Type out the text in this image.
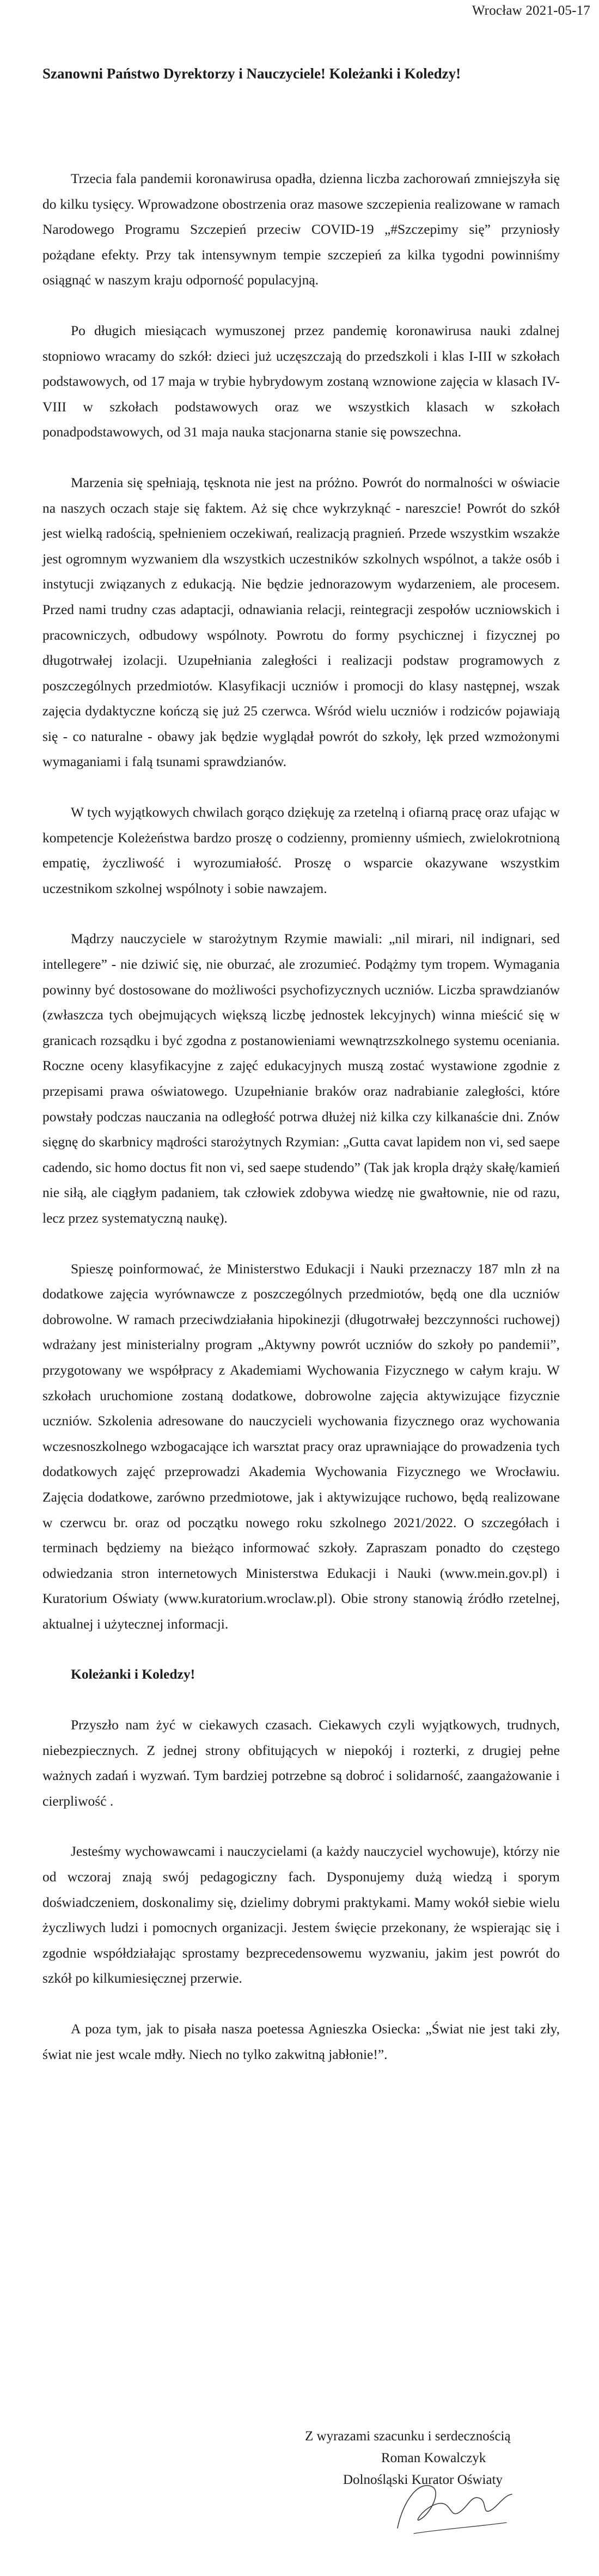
Wrocław 2021-05-17

Szanowni Państwo Dyrektorzy i Nauczyciele! Koleżanki i Koledzy!

Trzecia fala pandemii koronawirusa opadła, dzienna liczba zachorowań zmniejszyła się do kilku tysięcy. Wprowadzone obostrzenia oraz masowe szczepienia realizowane w ramach Narodowego Programu Szczepień przeciw COVID-19 „#Szczepimy się” przyniosły pożądane efekty. Przy tak intensywnym tempie szczepień za kilka tygodni powinniśmy osiągnąć w naszym kraju odporność populacyjną.

Po długich miesiącach wymuszonej przez pandemię koronawirusa nauki zdalnej stopniowo wracamy do szkół: dzieci już uczęszczają do przedszkoli i klas I-III w szkołach podstawowych, od 17 maja w trybie hybrydowym zostaną wznowione zajęcia w klasach IV-VIII w szkołach podstawowych oraz we wszystkich klasach w szkołach ponadpodstawowych, od 31 maja nauka stacjonarna stanie się powszechna.

Marzenia się spełniają, tęsknota nie jest na próżno. Powrót do normalności w oświacie na naszych oczach staje się faktem. Aż się chce wykrzyknąć - nareszcie! Powrót do szkół jest wielką radością, spełnieniem oczekiwań, realizacją pragnień. Przede wszystkim wszakże jest ogromnym wyzwaniem dla wszystkich uczestników szkolnych wspólnot, a także osób i instytucji związanych z edukacją. Nie będzie jednorazowym wydarzeniem, ale procesem. Przed nami trudny czas adaptacji, odnawiania relacji, reintegracji zespołów uczniowskich i pracowniczych, odbudowy wspólnoty. Powrotu do formy psychicznej i fizycznej po długotrwałej izolacji. Uzupełniania zaległości i realizacji podstaw programowych z poszczególnych przedmiotów. Klasyfikacji uczniów i promocji do klasy następnej, wszak zajęcia dydaktyczne kończą się już 25 czerwca. Wśród wielu uczniów i rodziców pojawiają się - co naturalne - obawy jak będzie wyglądał powrót do szkoły, lęk przed wzmożonymi wymaganiami i falą tsunami sprawdzianów.

W tych wyjątkowych chwilach gorąco dziękuję za rzetelną i ofiarną pracę oraz ufając w kompetencje Koleżeństwa bardzo proszę o codzienny, promienny uśmiech, zwielokrotnioną empatię, życzliwość i wyrozumiałość. Proszę o wsparcie okazywane wszystkim uczestnikom szkolnej wspólnoty i sobie nawzajem.

Mądrzy nauczyciele w starożytnym Rzymie mawiali: „nil mirari, nil indignari, sed intellegere” - nie dziwić się, nie oburzać, ale zrozumieć. Podążmy tym tropem. Wymagania powinny być dostosowane do możliwości psychofizycznych uczniów. Liczba sprawdzianów (zwłaszcza tych obejmujących większą liczbę jednostek lekcyjnych) winna mieścić się w granicach rozsądku i być zgodna z postanowieniami wewnątrzszkolnego systemu oceniania. Roczne oceny klasyfikacyjne z zajęć edukacyjnych muszą zostać wystawione zgodnie z przepisami prawa oświatowego. Uzupełnianie braków oraz nadrabianie zaległości, które powstały podczas nauczania na odległość potrwa dłużej niż kilka czy kilkanaście dni. Znów sięgnę do skarbnicy mądrości starożytnych Rzymian: „Gutta cavat lapidem non vi, sed saepe cadendo, sic homo doctus fit non vi, sed saepe studendo” (Tak jak kropla drąży skałę/kamień nie siłą, ale ciągłym padaniem, tak człowiek zdobywa wiedzę nie gwałtownie, nie od razu, lecz przez systematyczną naukę).

Spieszę poinformować, że Ministerstwo Edukacji i Nauki przeznaczy 187 mln zł na dodatkowe zajęcia wyrównawcze z poszczególnych przedmiotów, będą one dla uczniów dobrowolne. W ramach przeciwdziałania hipokinezji (długotrwałej bezczynności ruchowej) wdrażany jest ministerialny program „Aktywny powrót uczniów do szkoły po pandemii”, przygotowany we współpracy z Akademiami Wychowania Fizycznego w całym kraju. W szkołach uruchomione zostaną dodatkowe, dobrowolne zajęcia aktywizujące fizycznie uczniów. Szkolenia adresowane do nauczycieli wychowania fizycznego oraz wychowania wczesnoszkolnego wzbogacające ich warsztat pracy oraz uprawniające do prowadzenia tych dodatkowych zajęć przeprowadzi Akademia Wychowania Fizycznego we Wrocławiu. Zajęcia dodatkowe, zarówno przedmiotowe, jak i aktywizujące ruchowo, będą realizowane w czerwcu br. oraz od początku nowego roku szkolnego 2021/2022. O szczegółach i terminach będziemy na bieżąco informować szkoły. Zapraszam ponadto do częstego odwiedzania stron internetowych Ministerstwa Edukacji i Nauki (www.mein.gov.pl) i Kuratorium Oświaty (www.kuratorium.wroclaw.pl). Obie strony stanowią źródło rzetelnej, aktualnej i użytecznej informacji.

Koleżanki i Koledzy!

Przyszło nam żyć w ciekawych czasach. Ciekawych czyli wyjątkowych, trudnych, niebezpiecznych. Z jednej strony obfitujących w niepokój i rozterki, z drugiej pełne ważnych zadań i wyzwań. Tym bardziej potrzebne są dobroć i solidarność, zaangażowanie i cierpliwość .

Jesteśmy wychowawcami i nauczycielami (a każdy nauczyciel wychowuje), którzy nie od wczoraj znają swój pedagogiczny fach. Dysponujemy dużą wiedzą i sporym doświadczeniem, doskonalimy się, dzielimy dobrymi praktykami. Mamy wokół siebie wielu życzliwych ludzi i pomocnych organizacji. Jestem święcie przekonany, że wspierając się i zgodnie współdziałając sprostamy bezprecedensowemu wyzwaniu, jakim jest powrót do szkół po kilkumiesięcznej przerwie.

A poza tym, jak to pisała nasza poetessa Agnieszka Osiecka: „Świat nie jest taki zły, świat nie jest wcale mdły. Niech no tylko zakwitną jabłonie!”.

Z wyrazami szacunku i serdecznością

Roman Kowalczyk

Dolnośląski Kurator Oświaty
